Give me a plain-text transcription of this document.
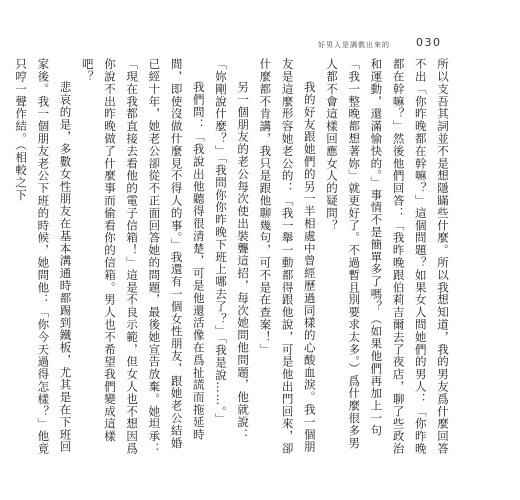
好男人是調教出來的 030

所以支吾其詞並不是想隱瞞些什麼。所以我想知道，我的男友爲什麼回答不出「你昨晚都在幹嘛？」這個問題？如果女人問她們的男人：「你昨晚都在幹嘛？」然後他們回答：「我昨晚跟伯莉吉爾去了夜店，聊了些政治和運動，還滿愉快的。」事情不是簡單多了嗎？（如果他們再加上一句「我一整晚都想著妳」就更好了。不過暫且別要求太多。）爲什麼很多男人都不會這樣回應女人的疑問？

我的好友跟她們的另一半相處中曾經歷過同樣的心酸血淚。我一個朋友是這麼形容她老公的：「我一舉一動都得跟他說，可是他出門回來，卻什麼都不肯講，我只是跟他聊幾句，可不是在查案！」

另一個朋友的老公每次使出裝聾這招，每次她問他問題，他就說：「妳剛說什麼？」「我問你你昨晚下班上哪去了？」「我是說……。」

我們問：「我說出他聽得很清楚，可是他還活像在爲扯謊而拖延時間，即使沒做什麼見不得人的事。」我還有一個女性朋友，跟她老公結婚已經十年，她老公卻從不正面回答她的問題，最後她宣告放棄。她坦承：「現在我都直接去看他的電子信箱！」這是不良示範，但女人也不想因爲你說不出昨晚做了什麼事而偷看你的信箱。男人也不希望我們變成這樣吧？

悲哀的是，多數女性朋友在基本溝通時都踢到鐵板，尤其是在下班回家後。我一個朋友老公下班的時候，她問他：「你今天過得怎樣？」他竟只哼一聲作結。（相較之下
